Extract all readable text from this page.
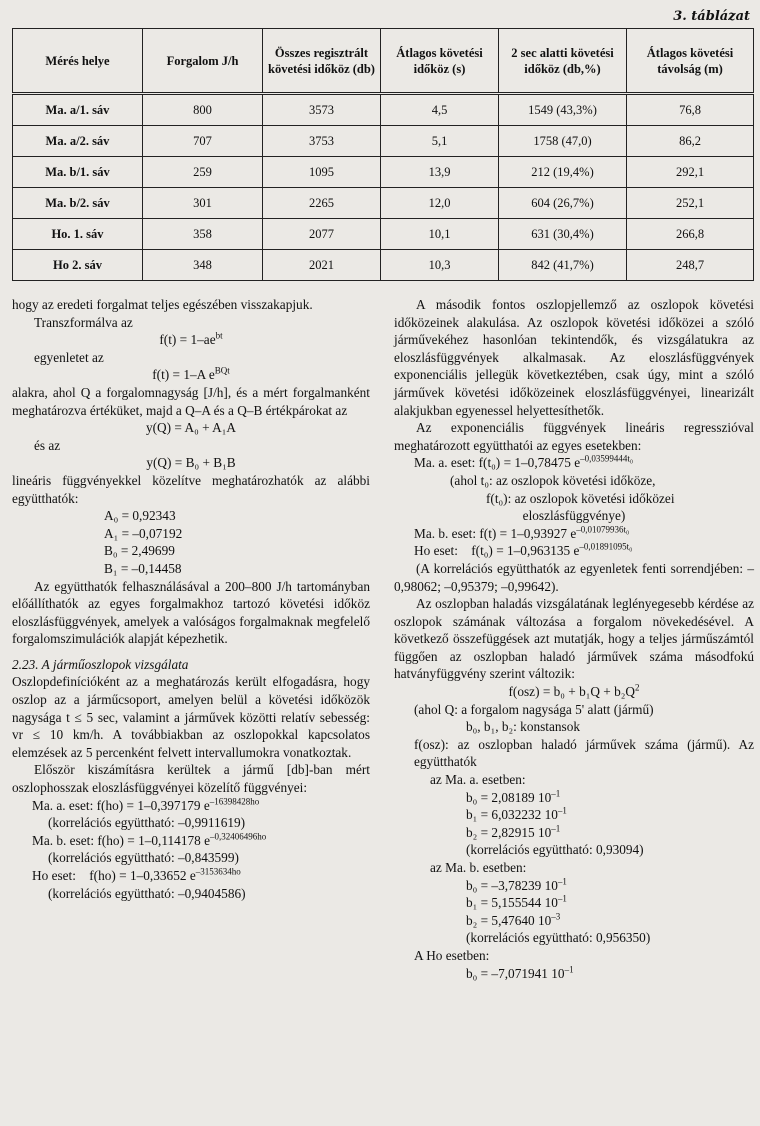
3. táblázat
Mérés helye	Forgalom J/h	Összes regisztrált követési időköz (db)	Átlagos követési időköz (s)	2 sec alatti követési időköz (db,%)	Átlagos követési távolság (m)
Ma. a/1. sáv	800	3573	4,5	1549 (43,3%)	76,8
Ma. a/2. sáv	707	3753	5,1	1758 (47,0)	86,2
Ma. b/1. sáv	259	1095	13,9	212 (19,4%)	292,1
Ma. b/2. sáv	301	2265	12,0	604 (26,7%)	252,1
Ho. 1. sáv	358	2077	10,1	631 (30,4%)	266,8
Ho 2. sáv	348	2021	10,3	842 (41,7%)	248,7

hogy az eredeti forgalmat teljes egészében visszakapjuk.

Transzformálva az

$f(t) = 1-ae^{bt}$

egyenletet az

f(t) = 1–A $e^{BQt}$

alakra, ahol Q a forgalomnagyság [J/h], és a mért forgalmanként meghatározva értéküket, majd a Q–A és a Q–B értékpárokat az

y(Q) = A₀ + A₁A

és az

y(Q) = B₀ + B₁B

lineáris függvényekkel közelítve meghatározhatók az alábbi együtthatók:

A₀ = 0,92343

A₁ = –0,07192

B₀ = 2,49699

B₁ = –0,14458

Az együtthatók felhasználásával a 200–800 J/h tartományban előállíthatók az egyes forgalmakhoz tartozó követési időköz eloszlásfüggvények, amelyek a valóságos forgalmaknak megfelelő forgalomszimulációk alapját képezhetik.

2.23. A járműoszlopok vizsgálata

Oszlopdefinícióként az a meghatározás került elfogadásra, hogy oszlop az a járműcsoport, amelyen belül a követési időközök nagysága t ≤ 5 sec, valamint a járművek közötti relatív sebesség: vr ≤ 10 km/h. A továbbiakban az oszlopokkal kapcsolatos elemzések az 5 percenként felvett intervallumokra vonatkoztak.

Először kiszámításra kerültek a jármű [db]-ban mért oszlophosszak eloszlásfüggvényei közelítő függvényei:

Ma. a. eset: f(ho) = 1–0,397179 $e^{-16398428ho}$

(korrelációs együttható: –0,9911619)

Ma. b. eset: f(ho) = 1–0,114178 $e^{-0,32406496ho}$

(korrelációs együttható: –0,843599)

Ho eset: f(ho) = 1–0,33652 $e^{-3153634ho}$

(korrelációs együttható: –0,9404586)

A második fontos oszlopjellemző az oszlopok követési időközeinek alakulása. Az oszlopok követési időközei a szóló járművekéhez hasonlóan tekintendők, és vizsgálatukra az eloszlásfüggvények alkalmasak. Az eloszlásfüggvények exponenciális jellegük következtében, csak úgy, mint a szóló járművek követési időközeinek eloszlásfüggvényei, linearizált alakjukban egyenessel helyettesíthetők.

Az exponenciális függvények lineáris regresszióval meghatározott együtthatói az egyes esetekben:

Ma. a. eset: f(t₀) = 1–0,78475 $e^{-0,03599444t_0}$

(ahol t₀: az oszlopok követési időköze,

f(t₀): az oszlopok követési időközei

eloszlásfüggvénye)

Ma. b. eset: f(t) = 1–0,93927 $e^{-0,01079936t_0}$

Ho eset: f(t₀) = 1–0,963135 $e^{-0,01891095t_0}$

(A korrelációs együtthatók az egyenletek fenti sorrendjében: –0,98062; –0,95379; –0,99642).

Az oszlopban haladás vizsgálatának leglényegesebb kérdése az oszlopok számának változása a forgalom növekedésével. A következő összefüggések azt mutatják, hogy a teljes járműszámtól függően az oszlopban haladó járművek száma másodfokú hatványfüggvény szerint változik:

$f(osz) = b_0 + b_1Q + b_2Q^2$

(ahol Q: a forgalom nagysága 5' alatt (jármű)

b₀, b₁, b₂: konstansok

f(osz): az oszlopban haladó járművek száma (jármű). Az együtthatók

az Ma. a. esetben:

b₀ = 2,08189 $10^{-1}$

b₁ = 6,032232 $10^{-1}$

b₂ = 2,82915 $10^{-1}$

(korrelációs együttható: 0,93094)

az Ma. b. esetben:

b₀ = –3,78239 $10^{-1}$

b₁ = 5,155544 $10^{-1}$

b₂ = 5,47640 $10^{-3}$

(korrelációs együttható: 0,956350)

A Ho esetben:

b₀ = –7,071941 $10^{-1}$
